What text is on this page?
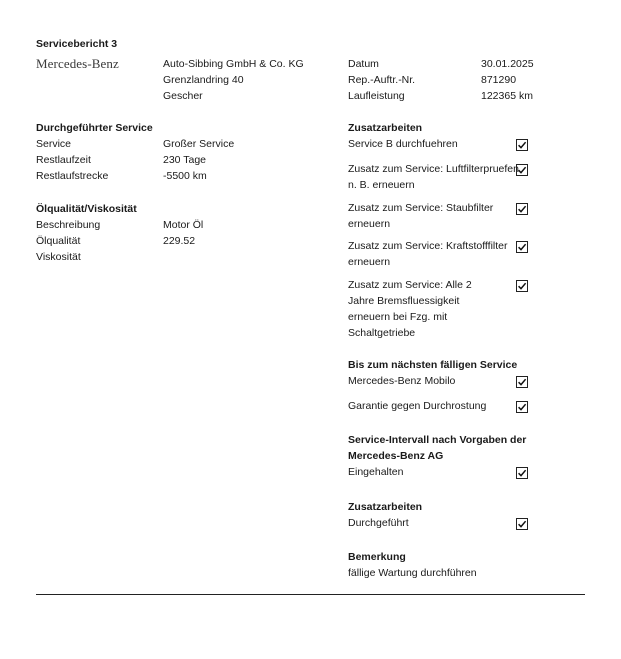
Servicebericht 3
Mercedes-Benz	Auto-Sibbing GmbH & Co. KG
Grenzlandring 40
Gescher
Datum	30.01.2025
Rep.-Auftr.-Nr.	871290
Laufleistung	122365 km
Durchgeführter Service
Service	Großer Service
Restlaufzeit	230 Tage
Restlaufstrecke	-5500 km
Ölqualität/Viskosität
Beschreibung	Motor Öl
Ölqualität	229.52
Viskosität
Zusatzarbeiten
Service B durchfuehren
Zusatz zum Service: Luftfilterpruefen n. B. erneuern
Zusatz zum Service: Staubfilter erneuern
Zusatz zum Service: Kraftstofffilter erneuern
Zusatz zum Service: Alle 2 Jahre Bremsfluessigkeit erneuern bei Fzg. mit Schaltgetriebe
Bis zum nächsten fälligen Service
Mercedes-Benz Mobilo
Garantie gegen Durchrostung
Service-Intervall nach Vorgaben der Mercedes-Benz AG
Eingehalten
Zusatzarbeiten
Durchgeführt
Bemerkung
fällige Wartung durchführen
